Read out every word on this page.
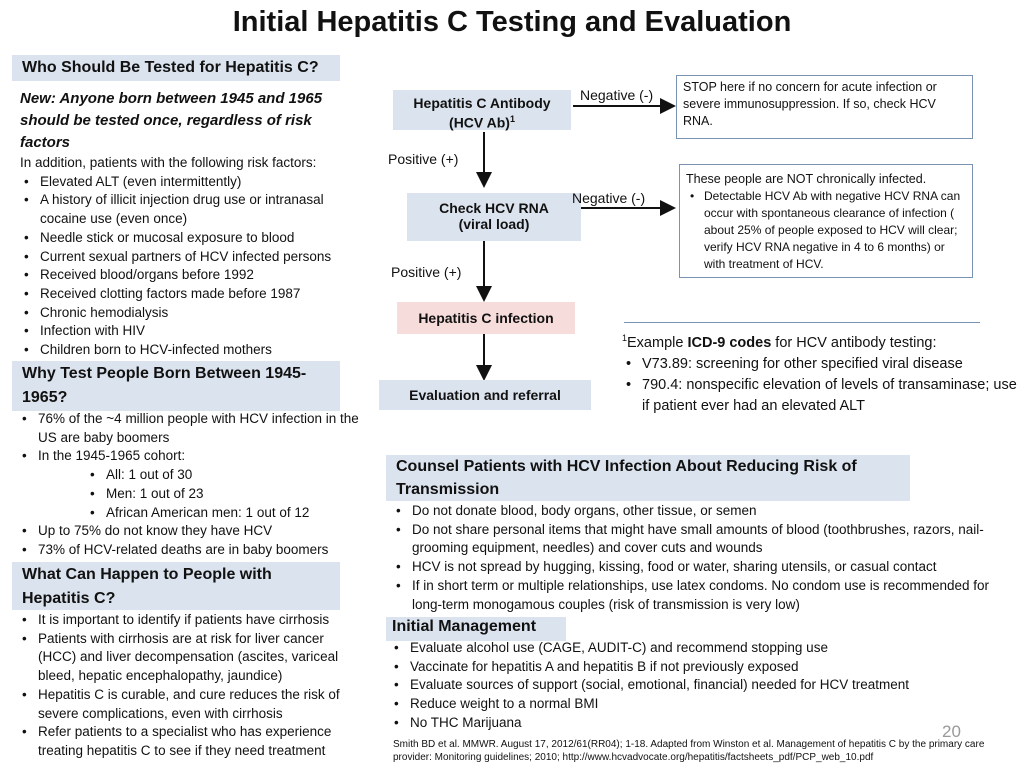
Initial Hepatitis C Testing and Evaluation
Who Should Be Tested for Hepatitis C?
New: Anyone born between 1945 and 1965 should be tested once, regardless of risk factors
In addition, patients with the following risk factors:
• Elevated ALT (even intermittently)
• A history of illicit injection drug use or intranasal cocaine use (even once)
• Needle stick or mucosal exposure to blood
• Current sexual partners of HCV infected persons
• Received blood/organs before 1992
• Received clotting factors made before 1987
• Chronic hemodialysis
• Infection with HIV
• Children born to HCV-infected mothers
Why Test People Born Between 1945-1965?
• 76% of the ~4 million people with HCV infection in the US are baby boomers
• In the 1945-1965 cohort:
• All: 1 out of 30
• Men: 1 out of 23
• African American men: 1 out of 12
• Up to 75% do not know they have HCV
• 73% of HCV-related deaths are in baby boomers
What Can Happen to People with Hepatitis C?
• It is important to identify if patients have cirrhosis
• Patients with cirrhosis are at risk for liver cancer (HCC) and liver decompensation (ascites, variceal bleed, hepatic encephalopathy, jaundice)
• Hepatitis C is curable, and cure reduces the risk of severe complications, even with cirrhosis
• Refer patients to a specialist who has experience treating hepatitis C to see if they need treatment
Hepatitis C Antibody
(HCV Ab)$^1$
Negative (-)
Positive (+)
Check HCV RNA
(viral load)
Negative (-)
Positive (+)
Hepatitis C infection
Evaluation and referral
STOP here if no concern for acute infection or severe immunosuppression. If so, check HCV RNA.
These people are NOT chronically infected.
• Detectable HCV Ab with negative HCV RNA can occur with spontaneous clearance of infection ( about 25% of people exposed to HCV will clear; verify HCV RNA negative in 4 to 6 months) or with treatment of HCV.
$^1$Example ICD-9 codes for HCV antibody testing:
• V73.89: screening for other specified viral disease
• 790.4: nonspecific elevation of levels of transaminase; use if patient ever had an elevated ALT
Counsel Patients with HCV Infection About Reducing Risk of Transmission
• Do not donate blood, body organs, other tissue, or semen
• Do not share personal items that might have small amounts of blood (toothbrushes, razors, nail-grooming equipment, needles) and cover cuts and wounds
• HCV is not spread by hugging, kissing, food or water, sharing utensils, or casual contact
• If in short term or multiple relationships, use latex condoms. No condom use is recommended for long-term monogamous couples (risk of transmission is very low)
Initial Management
• Evaluate alcohol use (CAGE, AUDIT-C) and recommend stopping use
• Vaccinate for hepatitis A and hepatitis B if not previously exposed
• Evaluate sources of support (social, emotional, financial) needed for HCV treatment
• Reduce weight to a normal BMI
• No THC Marijuana	20
Smith BD et al. MMWR. August 17, 2012/61(RR04); 1-18. Adapted from Winston et al. Management of hepatitis C by the primary care provider: Monitoring guidelines; 2010; http://www.hcvadvocate.org/hepatitis/factsheets_pdf/PCP_web_10.pdf
